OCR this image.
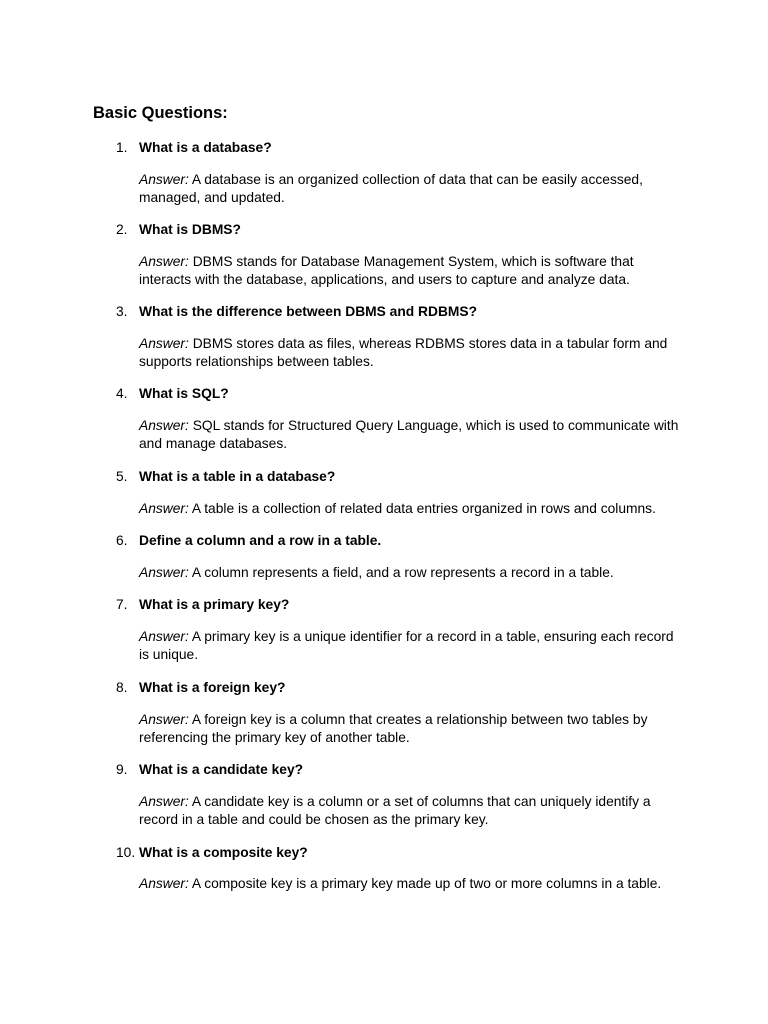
Basic Questions:
1. What is a database?
Answer: A database is an organized collection of data that can be easily accessed, managed, and updated.
2. What is DBMS?
Answer: DBMS stands for Database Management System, which is software that interacts with the database, applications, and users to capture and analyze data.
3. What is the difference between DBMS and RDBMS?
Answer: DBMS stores data as files, whereas RDBMS stores data in a tabular form and supports relationships between tables.
4. What is SQL?
Answer: SQL stands for Structured Query Language, which is used to communicate with and manage databases.
5. What is a table in a database?
Answer: A table is a collection of related data entries organized in rows and columns.
6. Define a column and a row in a table.
Answer: A column represents a field, and a row represents a record in a table.
7. What is a primary key?
Answer: A primary key is a unique identifier for a record in a table, ensuring each record is unique.
8. What is a foreign key?
Answer: A foreign key is a column that creates a relationship between two tables by referencing the primary key of another table.
9. What is a candidate key?
Answer: A candidate key is a column or a set of columns that can uniquely identify a record in a table and could be chosen as the primary key.
10. What is a composite key?
Answer: A composite key is a primary key made up of two or more columns in a table.
